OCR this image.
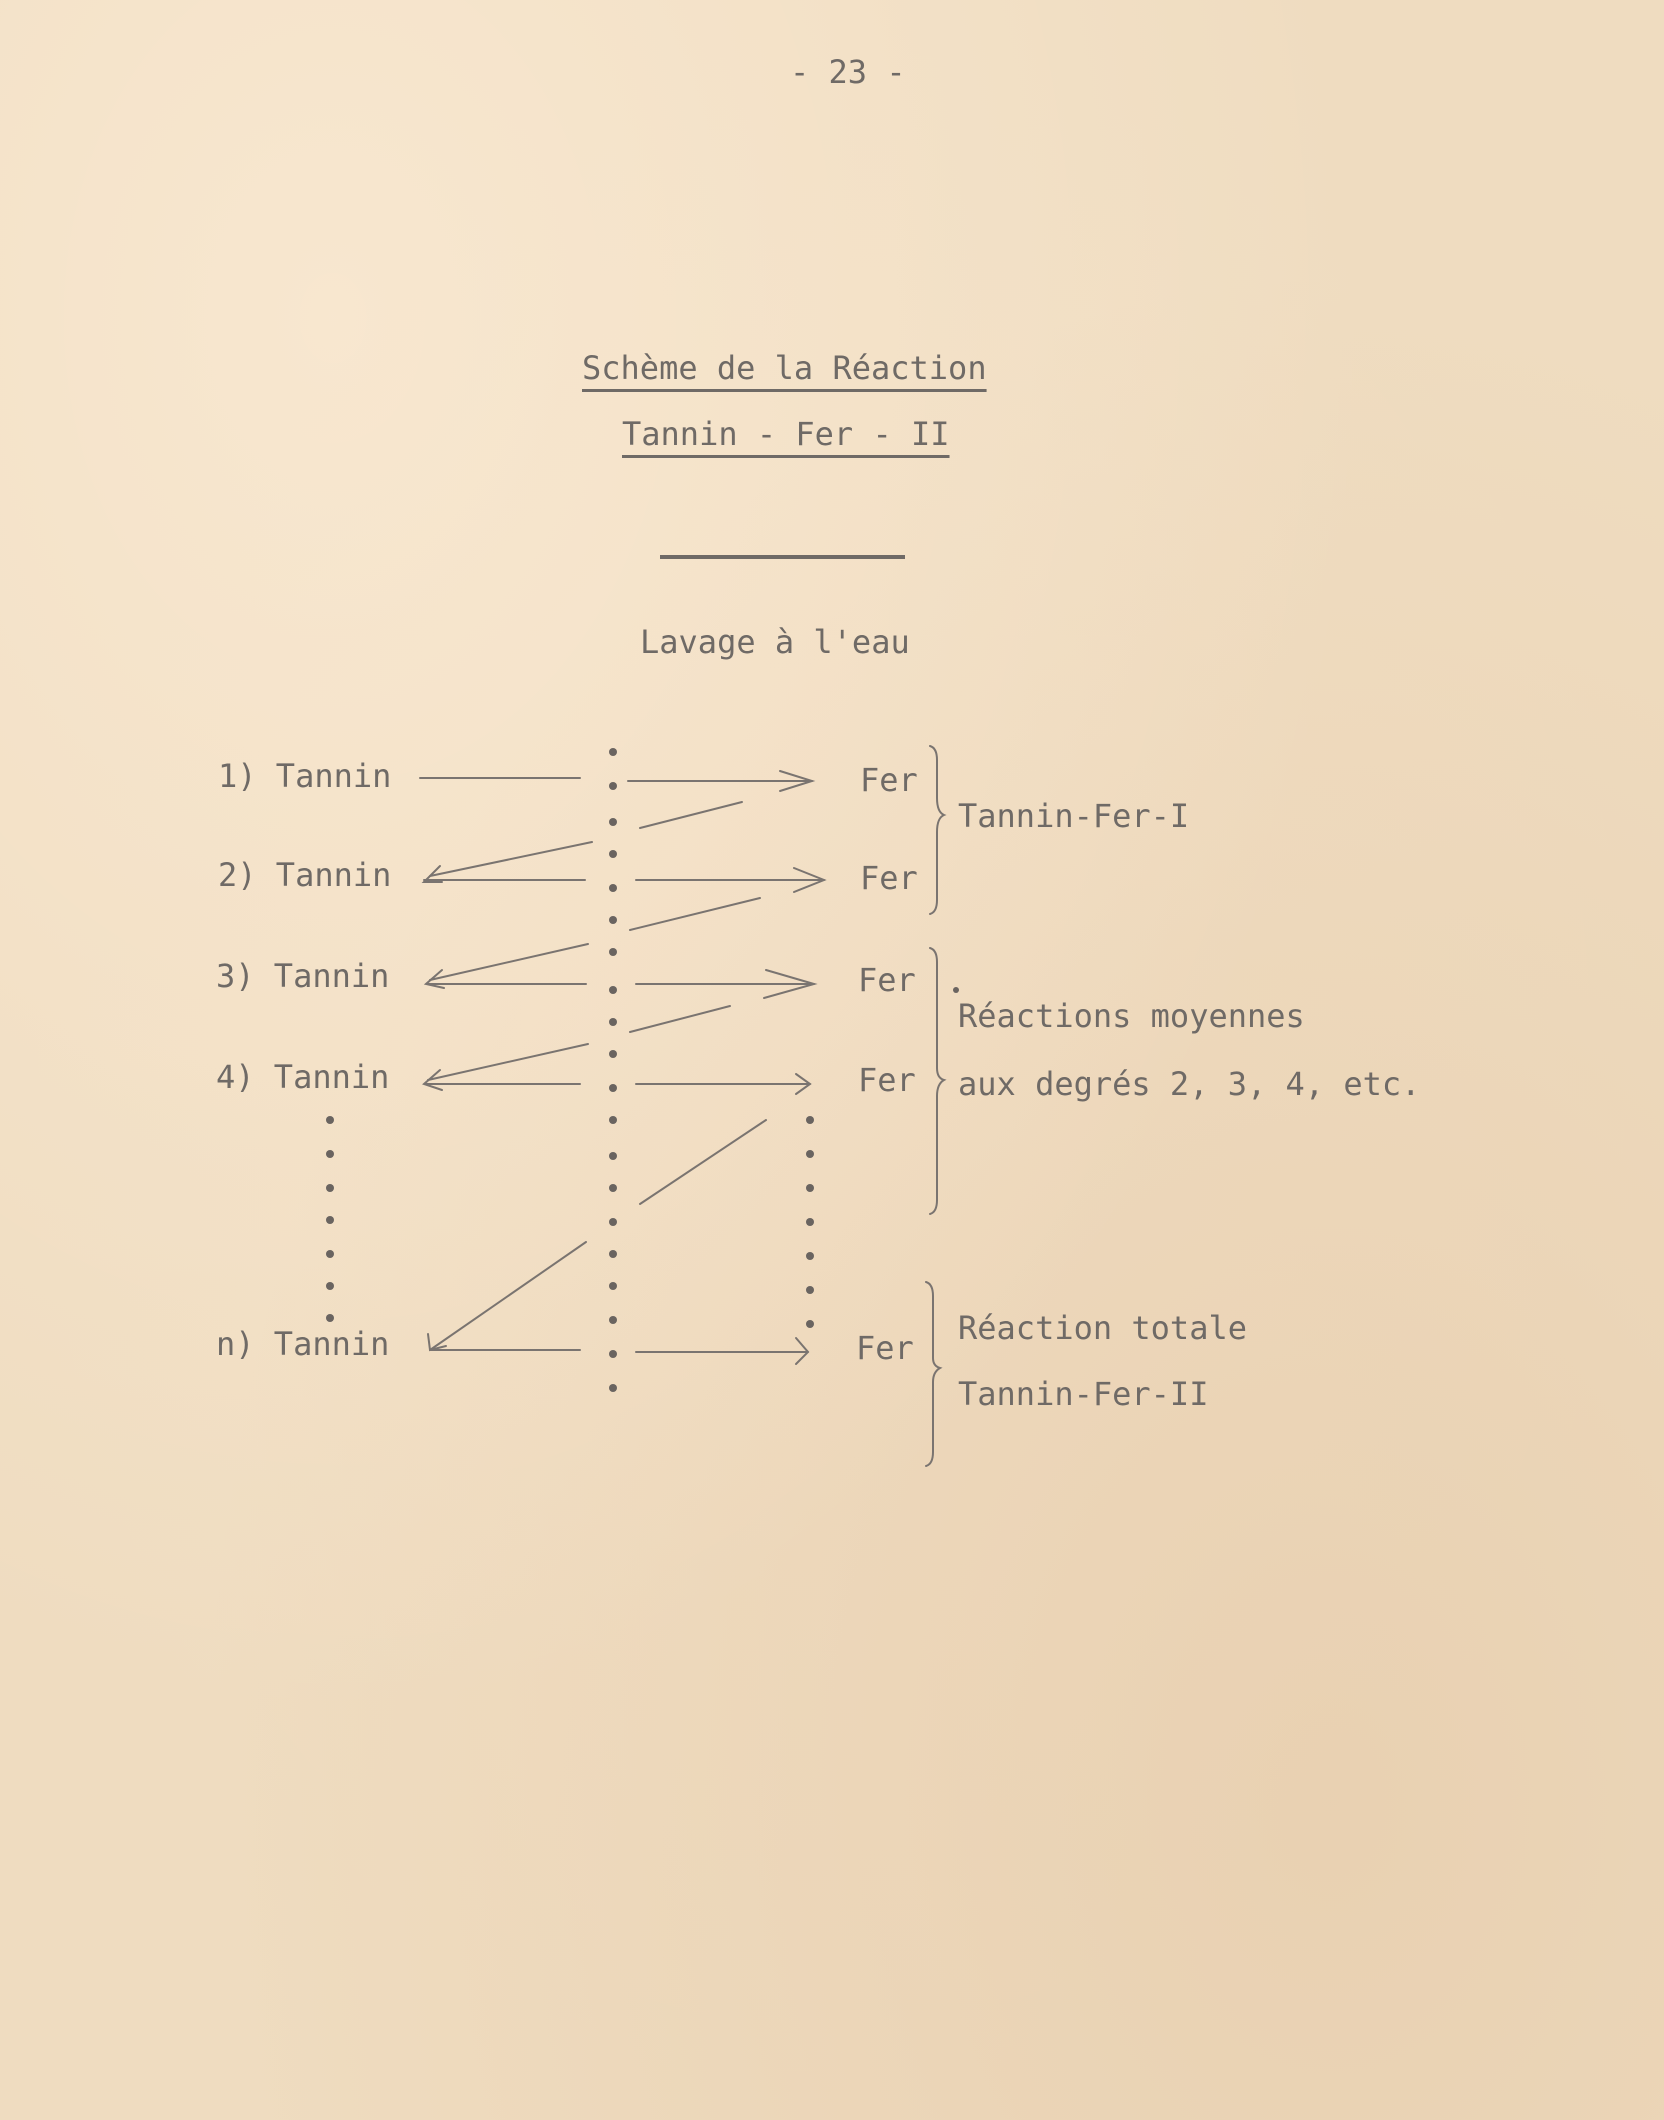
- 23 -
Schème de la Réaction
Tannin - Fer - II
Lavage à l'eau
1) Tannin
2) Tannin
3) Tannin
4) Tannin
n) Tannin
Fer
Fer
Fer
Fer
Fer
Tannin-Fer-I
Réactions moyennes
aux degrés 2, 3, 4, etc.
Réaction totale
Tannin-Fer-II
